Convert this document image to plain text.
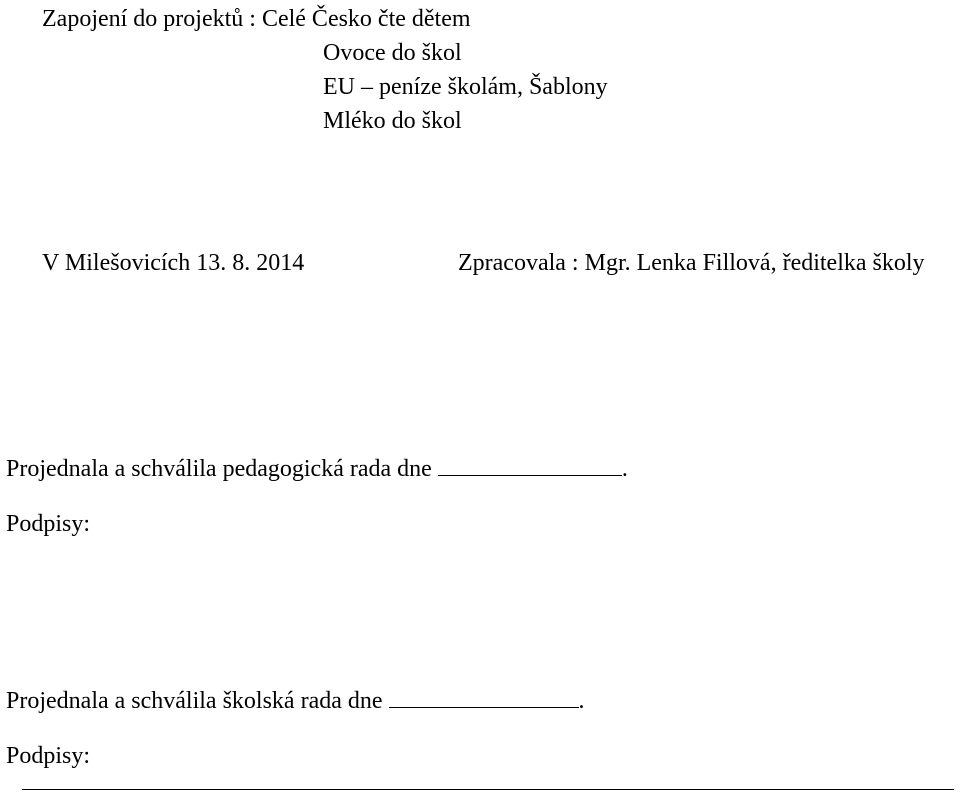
Zapojení do projektů : Celé Česko čte dětem
Ovoce do škol
EU – peníze školám, Šablony
Mléko do škol
V Milešovicích 13. 8. 2014	Zpracovala : Mgr. Lenka Fillová, ředitelka školy
Projednala a schválila pedagogická rada dne	.
Podpisy:
Projednala a schválila školská rada dne	.
Podpisy:
